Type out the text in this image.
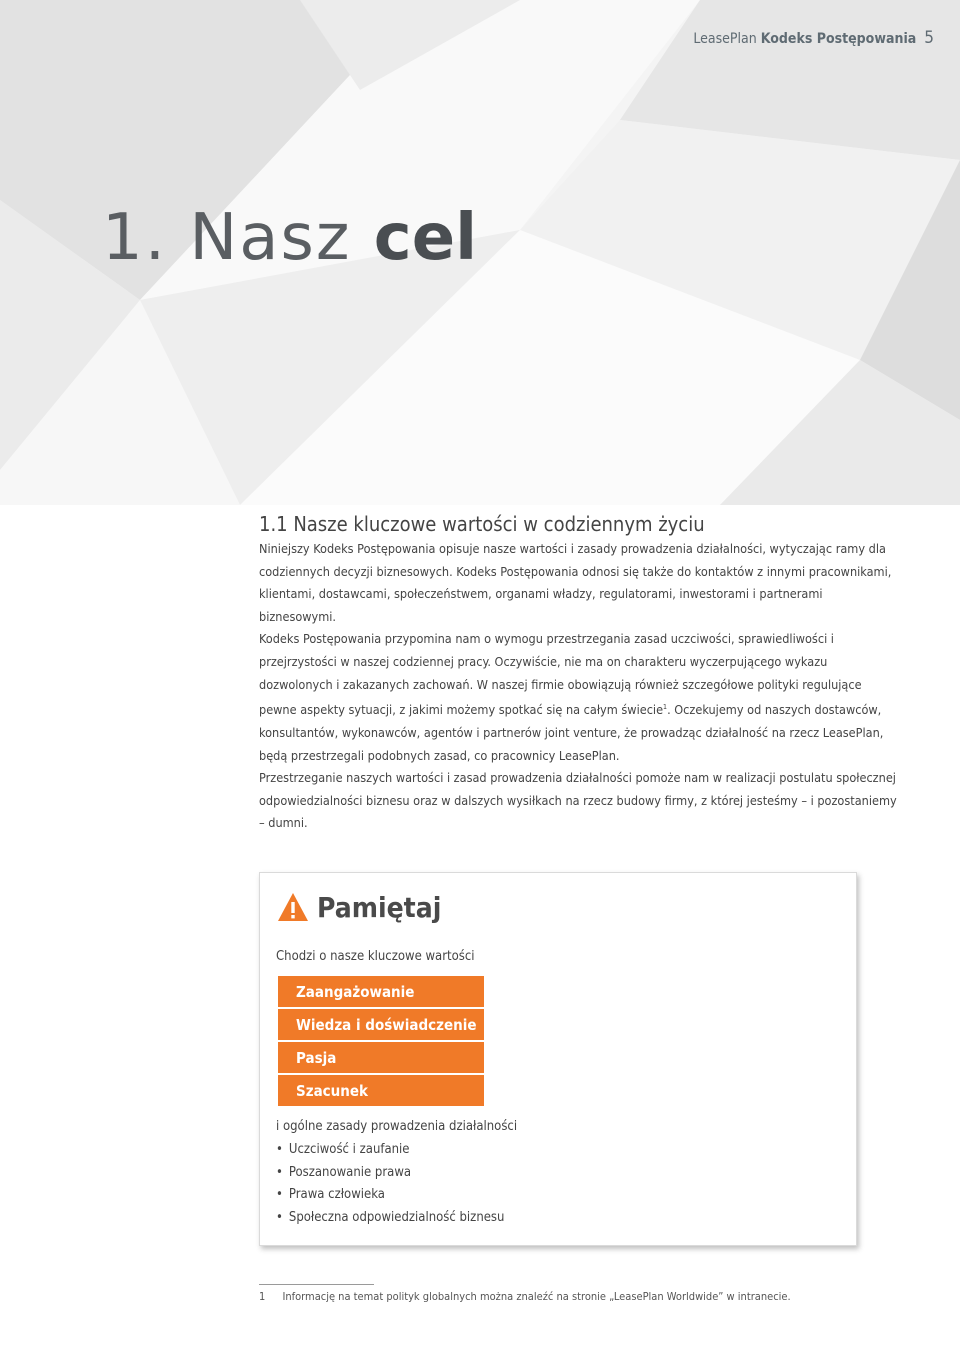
LeasePlan Kodeks Postępowania 5
1. Nasz cel
1.1 Nasze kluczowe wartości w codziennym życiu

Niniejszy Kodeks Postępowania opisuje nasze wartości i zasady prowadzenia działalności, wytyczając ramy dla codziennych decyzji biznesowych. Kodeks Postępowania odnosi się także do kontaktów z innymi pracownikami, klientami, dostawcami, społeczeństwem, organami władzy, regulatorami, inwestorami i partnerami biznesowymi.

Kodeks Postępowania przypomina nam o wymogu przestrzegania zasad uczciwości, sprawiedliwości i przejrzystości w naszej codziennej pracy. Oczywiście, nie ma on charakteru wyczerpującego wykazu dozwolonych i zakazanych zachowań. W naszej firmie obowiązują również szczegółowe polityki regulujące pewne aspekty sytuacji, z jakimi możemy spotkać się na całym świecie$^1$. Oczekujemy od naszych dostawców, konsultantów, wykonawców, agentów i partnerów joint venture, że prowadząc działalność na rzecz LeasePlan, będą przestrzegali podobnych zasad, co pracownicy LeasePlan.

Przestrzeganie naszych wartości i zasad prowadzenia działalności pomoże nam w realizacji postulatu społecznej odpowiedzialności biznesu oraz w dalszych wysiłkach na rzecz budowy firmy, z której jesteśmy – i pozostaniemy – dumni.

Pamiętaj
Chodzi o nasze kluczowe wartości
Zaangażowanie
Wiedza i doświadczenie
Pasja
Szacunek
i ogólne zasady prowadzenia działalności
• Uczciwość i zaufanie
• Poszanowanie prawa
• Prawa człowieka
• Społeczna odpowiedzialność biznesu
1 Informację na temat polityk globalnych można znaleźć na stronie „LeasePlan Worldwide” w intranecie.
